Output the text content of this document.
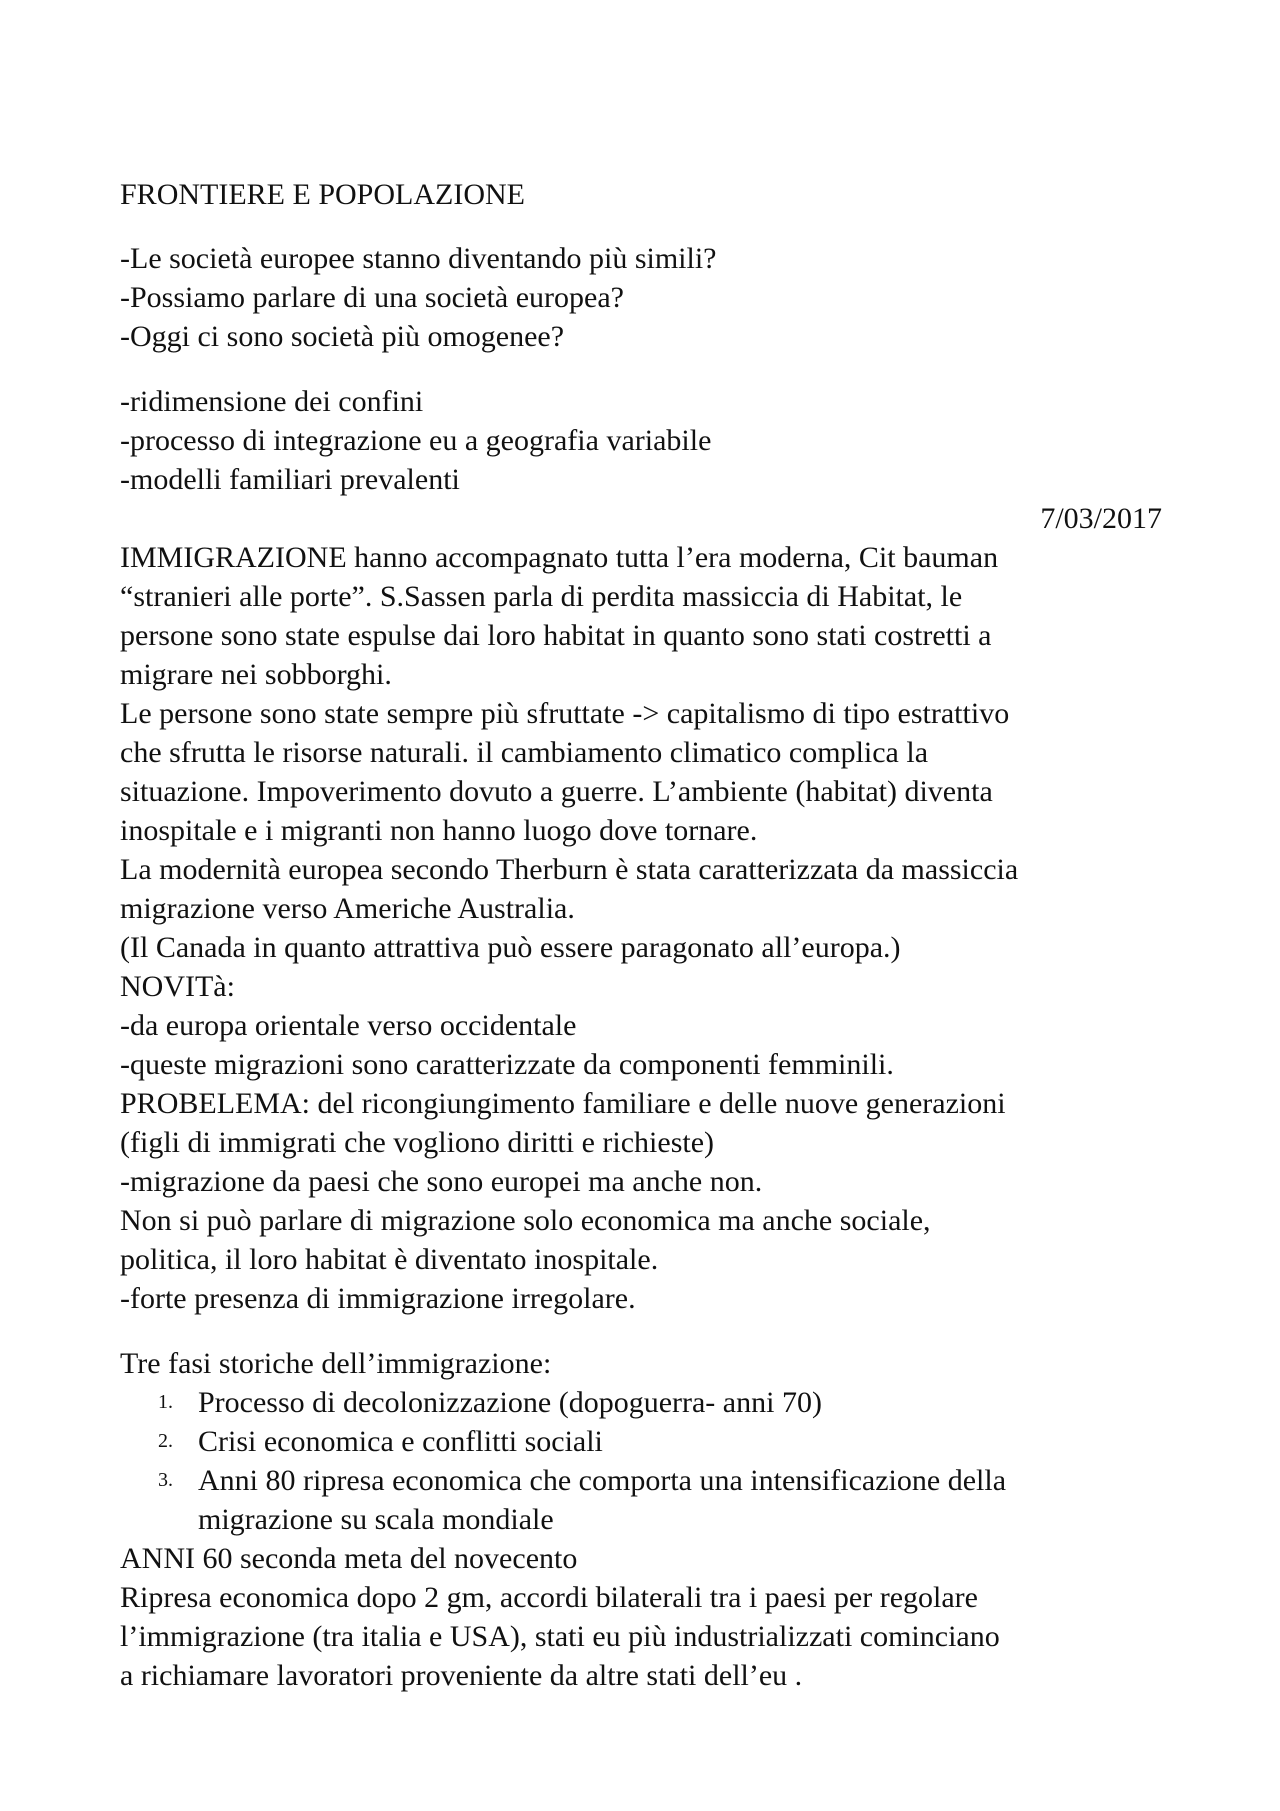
FRONTIERE E POPOLAZIONE
-Le società europee stanno diventando più simili?
-Possiamo parlare di una società europea?
-Oggi ci sono società più omogenee?
-ridimensione dei confini
-processo di integrazione eu a geografia variabile
-modelli familiari prevalenti
7/03/2017
IMMIGRAZIONE hanno accompagnato tutta l’era moderna, Cit bauman
“stranieri alle porte”. S.Sassen parla di perdita massiccia di Habitat, le
persone sono state espulse dai loro habitat in quanto sono stati costretti a
migrare nei sobborghi.
Le persone sono state sempre più sfruttate -> capitalismo di tipo estrattivo
che sfrutta le risorse naturali. il cambiamento climatico complica la
situazione. Impoverimento dovuto a guerre. L’ambiente (habitat) diventa
inospitale e i migranti non hanno luogo dove tornare.
La modernità europea secondo Therburn è stata caratterizzata da massiccia
migrazione verso Americhe Australia.
(Il Canada in quanto attrattiva può essere paragonato all’europa.)
NOVITà:
-da europa orientale verso occidentale
-queste migrazioni sono caratterizzate da componenti femminili.
PROBELEMA: del ricongiungimento familiare e delle nuove generazioni
(figli di immigrati che vogliono diritti e richieste)
-migrazione da paesi che sono europei ma anche non.
Non si può parlare di migrazione solo economica ma anche sociale,
politica, il loro habitat è diventato inospitale.
-forte presenza di immigrazione irregolare.
Tre fasi storiche dell’immigrazione:
1. Processo di decolonizzazione (dopoguerra- anni 70)
2. Crisi economica e conflitti sociali
3. Anni 80 ripresa economica che comporta una intensificazione della
migrazione su scala mondiale
ANNI 60 seconda meta del novecento
Ripresa economica dopo 2 gm, accordi bilaterali tra i paesi per regolare
l’immigrazione (tra italia e USA), stati eu più industrializzati cominciano
a richiamare lavoratori proveniente da altre stati dell’eu .
